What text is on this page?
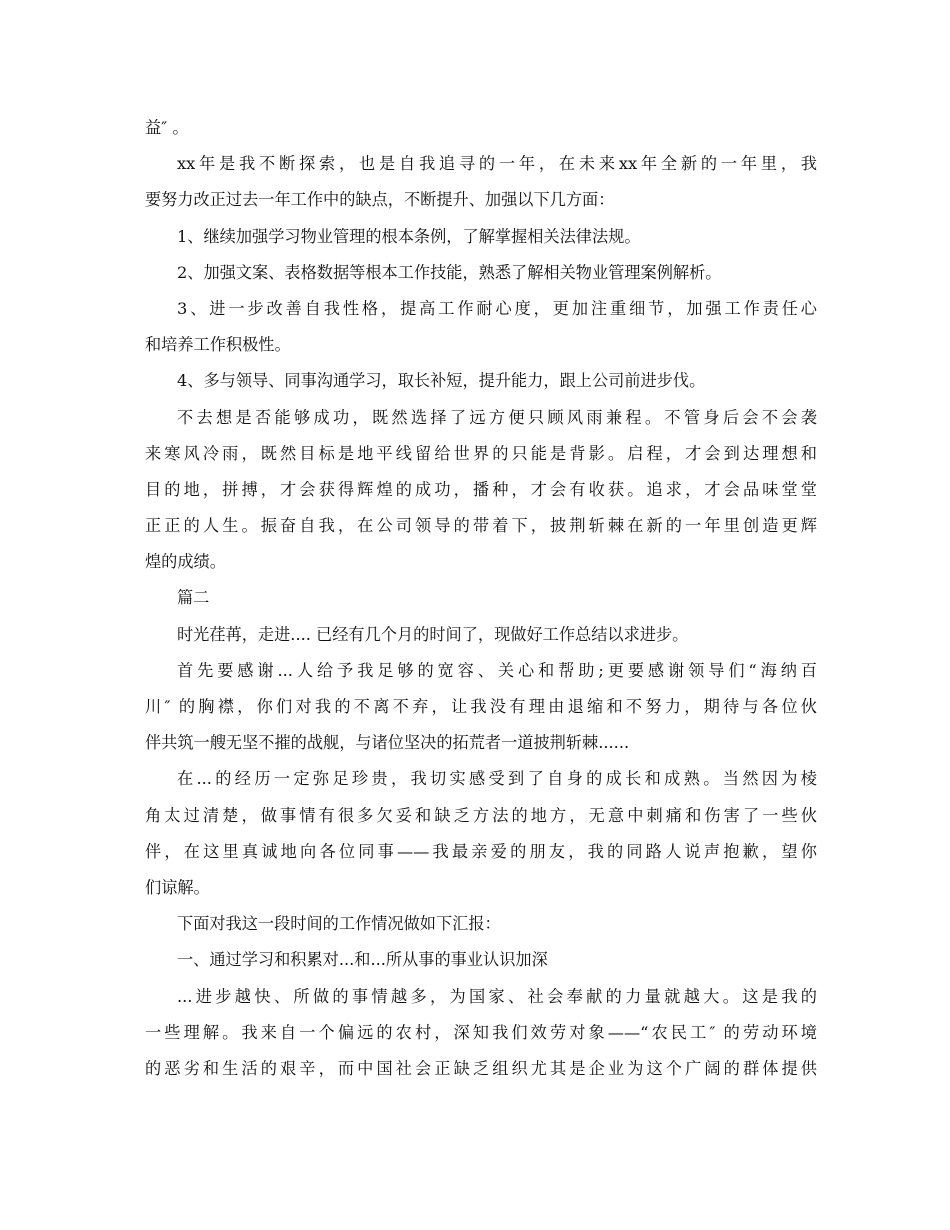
益″ 。
xx年是我不断探索，也是自我追寻的一年，在未来xx年全新的一年里，我
要努力改正过去一年工作中的缺点，不断提升、加强以下几方面：
1、继续加强学习物业管理的根本条例，了解掌握相关法律法规。
2、加强文案、表格数据等根本工作技能，熟悉了解相关物业管理案例解析。
3、进一步改善自我性格，提高工作耐心度，更加注重细节，加强工作责任心
和培养工作积极性。
4、多与领导、同事沟通学习，取长补短，提升能力，跟上公司前进步伐。
不去想是否能够成功，既然选择了远方便只顾风雨兼程。不管身后会不会袭
来寒风冷雨，既然目标是地平线留给世界的只能是背影。启程，才会到达理想和
目的地，拼搏，才会获得辉煌的成功，播种，才会有收获。追求，才会品味堂堂
正正的人生。振奋自我，在公司领导的带着下，披荆斩棘在新的一年里创造更辉
煌的成绩。
篇二
时光荏苒，走进.... 已经有几个月的时间了，现做好工作总结以求进步。
首先要感谢...人给予我足够的宽容、关心和帮助;更要感谢领导们“海纳百
川″ 的胸襟，你们对我的不离不弃，让我没有理由退缩和不努力，期待与各位伙
伴共筑一艘无坚不摧的战舰，与诸位坚决的拓荒者一道披荆斩棘......
在...的经历一定弥足珍贵，我切实感受到了自身的成长和成熟。当然因为棱
角太过清楚，做事情有很多欠妥和缺乏方法的地方，无意中刺痛和伤害了一些伙
伴，在这里真诚地向各位同事——我最亲爱的朋友，我的同路人说声抱歉，望你
们谅解。
下面对我这一段时间的工作情况做如下汇报：
一、通过学习和积累对...和...所从事的事业认识加深
...进步越快、所做的事情越多，为国家、社会奉献的力量就越大。这是我的
一些理解。我来自一个偏远的农村，深知我们效劳对象——“农民工″ 的劳动环境
的恶劣和生活的艰辛，而中国社会正缺乏组织尤其是企业为这个广阔的群体提供
